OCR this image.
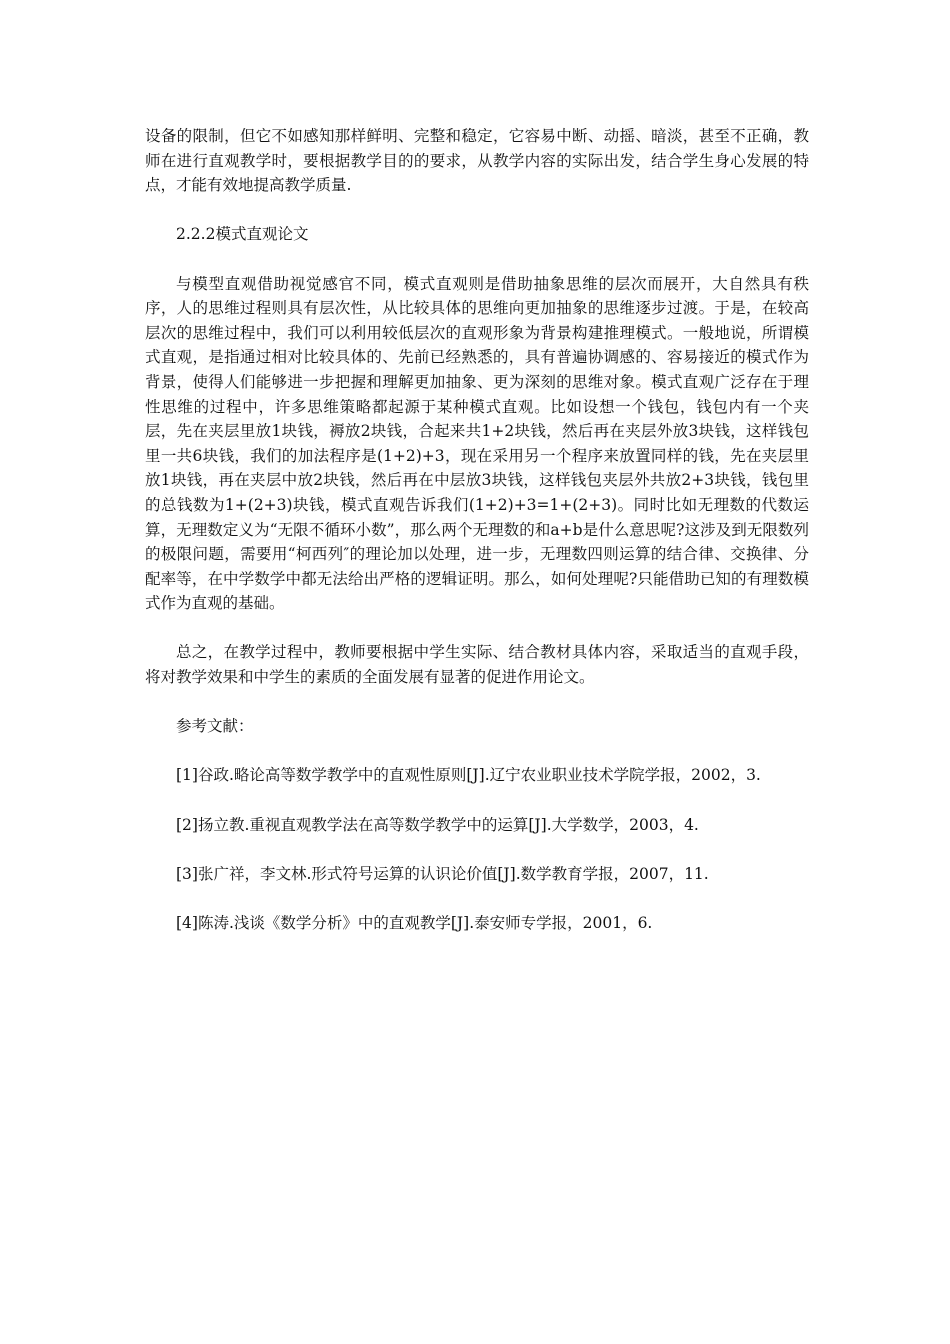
设备的限制，但它不如感知那样鲜明、完整和稳定，它容易中断、动摇、暗淡，甚至不正确，教师在进行直观教学时，要根据教学目的的要求，从教学内容的实际出发，结合学生身心发展的特点，才能有效地提高教学质量.

2.2.2模式直观论文

与模型直观借助视觉感官不同，模式直观则是借助抽象思维的层次而展开，大自然具有秩序，人的思维过程则具有层次性，从比较具体的思维向更加抽象的思维逐步过渡。于是，在较高层次的思维过程中，我们可以利用较低层次的直观形象为背景构建推理模式。一般地说，所谓模式直观，是指通过相对比较具体的、先前已经熟悉的，具有普遍协调感的、容易接近的模式作为背景，使得人们能够进一步把握和理解更加抽象、更为深刻的思维对象。模式直观广泛存在于理性思维的过程中，许多思维策略都起源于某种模式直观。比如设想一个钱包，钱包内有一个夹层，先在夹层里放1块钱，褥放2块钱，合起来共1+2块钱，然后再在夹层外放3块钱，这样钱包里一共6块钱，我们的加法程序是(1+2)+3，现在采用另一个程序来放置同样的钱，先在夹层里放1块钱，再在夹层中放2块钱，然后再在中层放3块钱，这样钱包夹层外共放2+3块钱，钱包里的总钱数为1+(2+3)块钱，模式直观告诉我们(1+2)+3=1+(2+3)。同时比如无理数的代数运算，无理数定义为“无限不循环小数”，那么两个无理数的和a+b是什么意思呢?这涉及到无限数列的极限问题，需要用“柯西列″的理论加以处理，进一步，无理数四则运算的结合律、交换律、分配率等，在中学数学中都无法给出严格的逻辑证明。那么，如何处理呢?只能借助已知的有理数模式作为直观的基础。

总之，在教学过程中，教师要根据中学生实际、结合教材具体内容，采取适当的直观手段，将对教学效果和中学生的素质的全面发展有显著的促进作用论文。

参考文献：

[1]谷政.略论高等数学教学中的直观性原则[J].辽宁农业职业技术学院学报，2002，3.

[2]扬立教.重视直观教学法在高等数学教学中的运算[J].大学数学，2003，4.

[3]张广祥，李文林.形式符号运算的认识论价值[J].数学教育学报，2007，11.

[4]陈涛.浅谈《数学分析》中的直观教学[J].泰安师专学报，2001，6.
